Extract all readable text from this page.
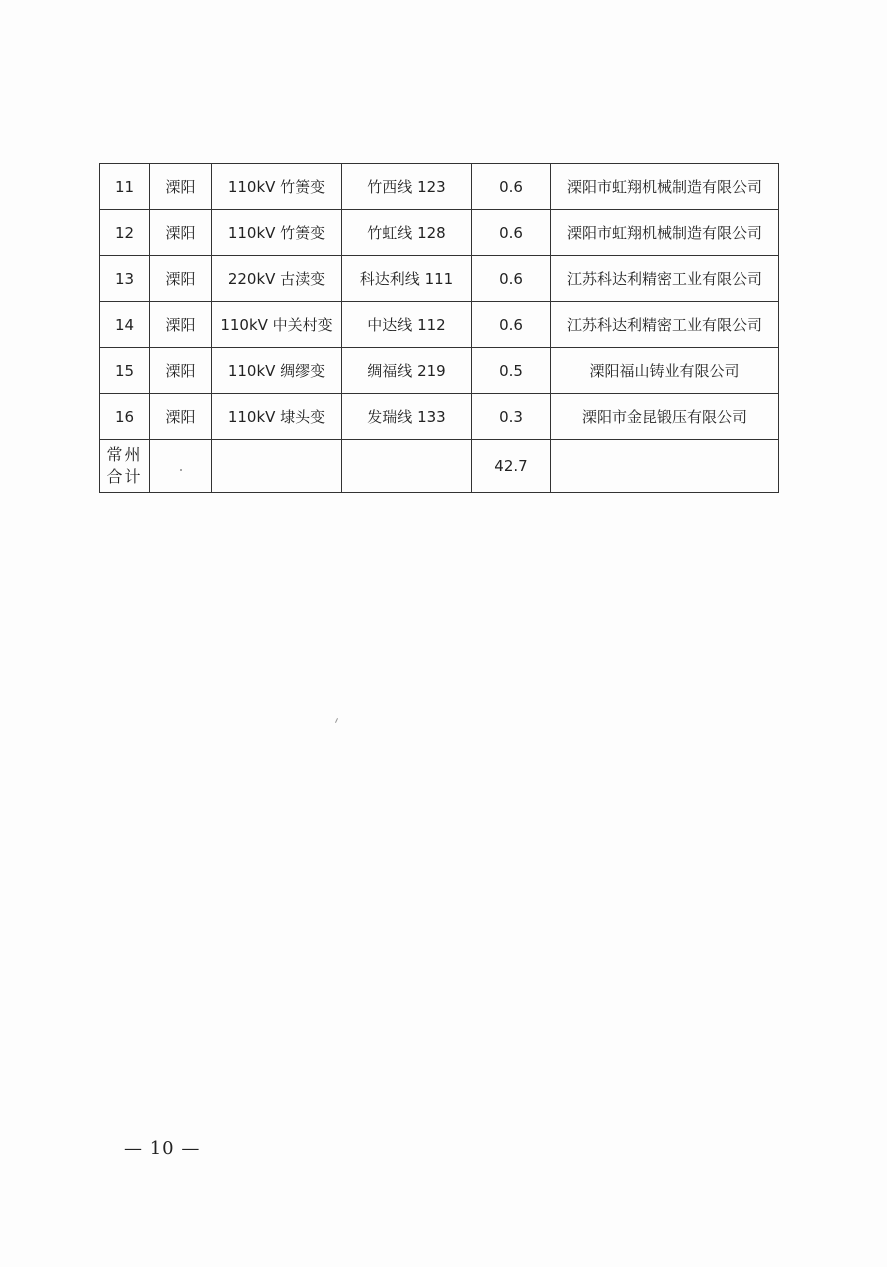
11	溧阳	110kV 竹箦变	竹西线 123	0.6	溧阳市虹翔机械制造有限公司
12	溧阳	110kV 竹箦变	竹虹线 128	0.6	溧阳市虹翔机械制造有限公司
13	溧阳	220kV 古渎变	科达利线 111	0.6	江苏科达利精密工业有限公司
14	溧阳	110kV 中关村变	中达线 112	0.6	江苏科达利精密工业有限公司
15	溧阳	110kV 绸缪变	绸福线 219	0.5	溧阳福山铸业有限公司
16	溧阳	110kV 埭头变	发瑞线 133	0.3	溧阳市金昆锻压有限公司
常州合计				42.7	
— 10 —
